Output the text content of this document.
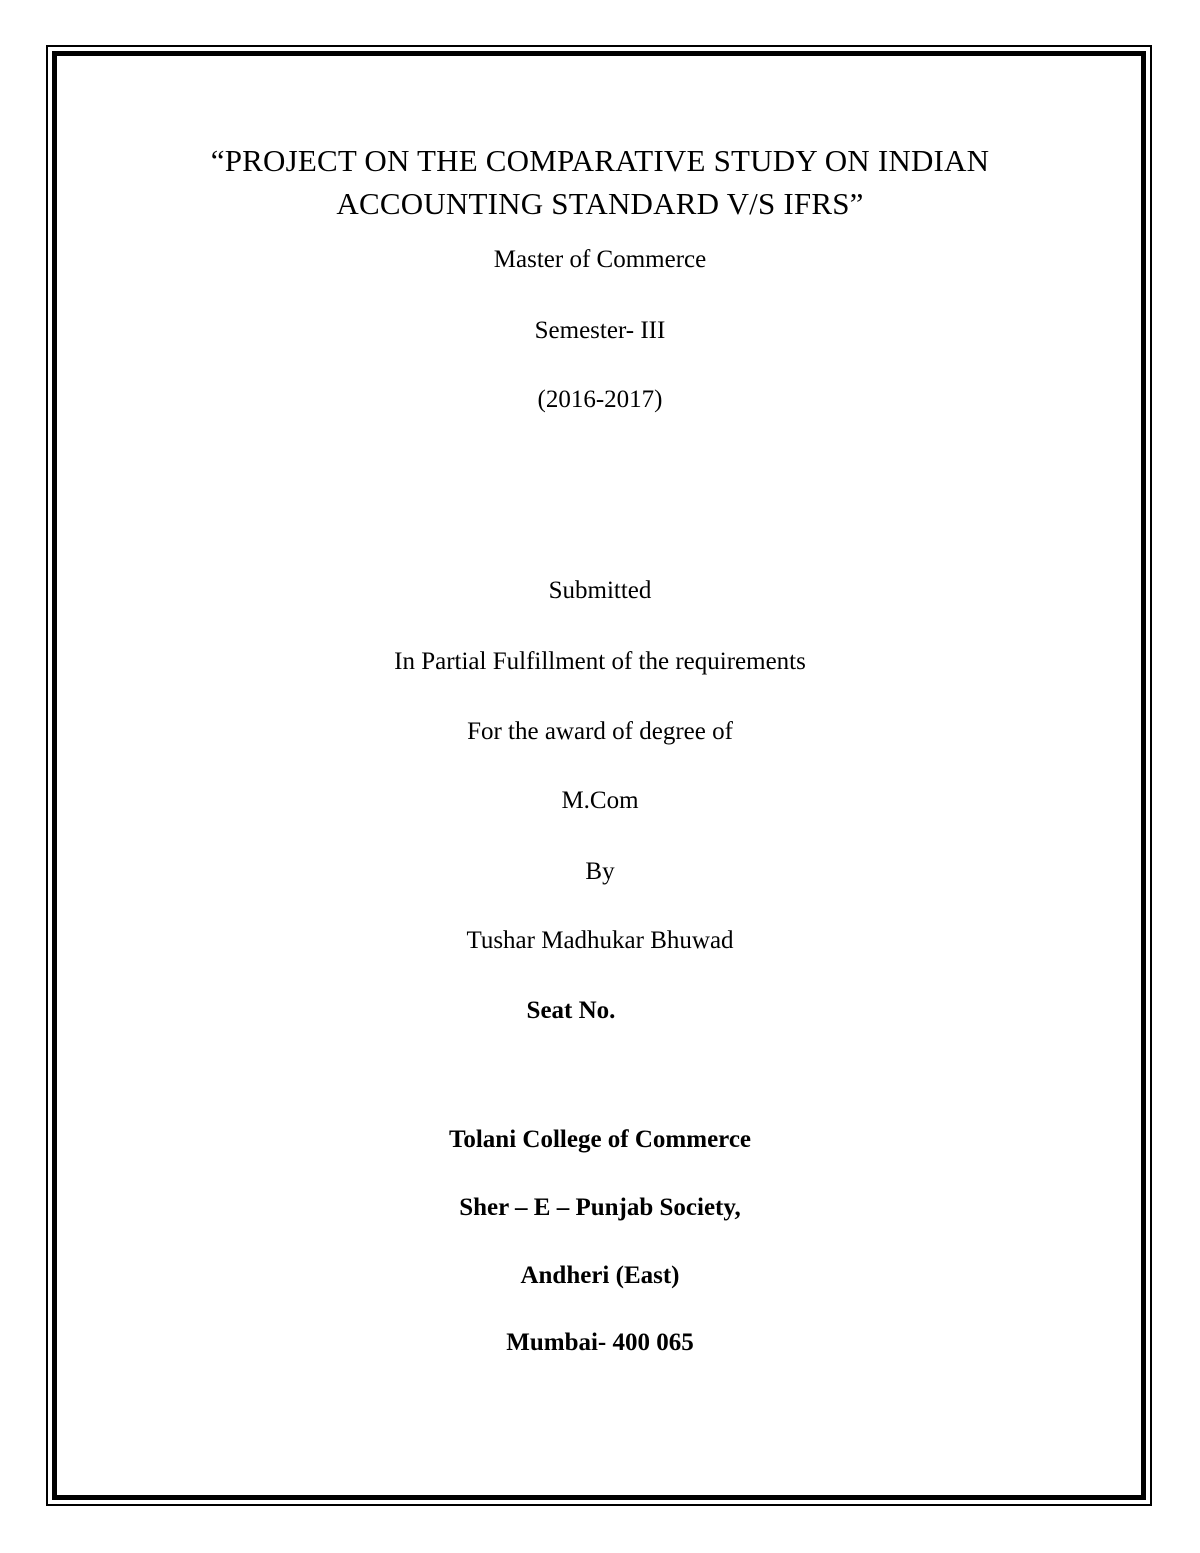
“PROJECT ON THE COMPARATIVE STUDY ON INDIAN
ACCOUNTING STANDARD V/S IFRS”
Master of Commerce
Semester- III
(2016-2017)
Submitted
In Partial Fulfillment of the requirements
For the award of degree of
M.Com
By
Tushar Madhukar Bhuwad
Seat No.
Tolani College of Commerce
Sher – E – Punjab Society,
Andheri (East)
Mumbai- 400 065
